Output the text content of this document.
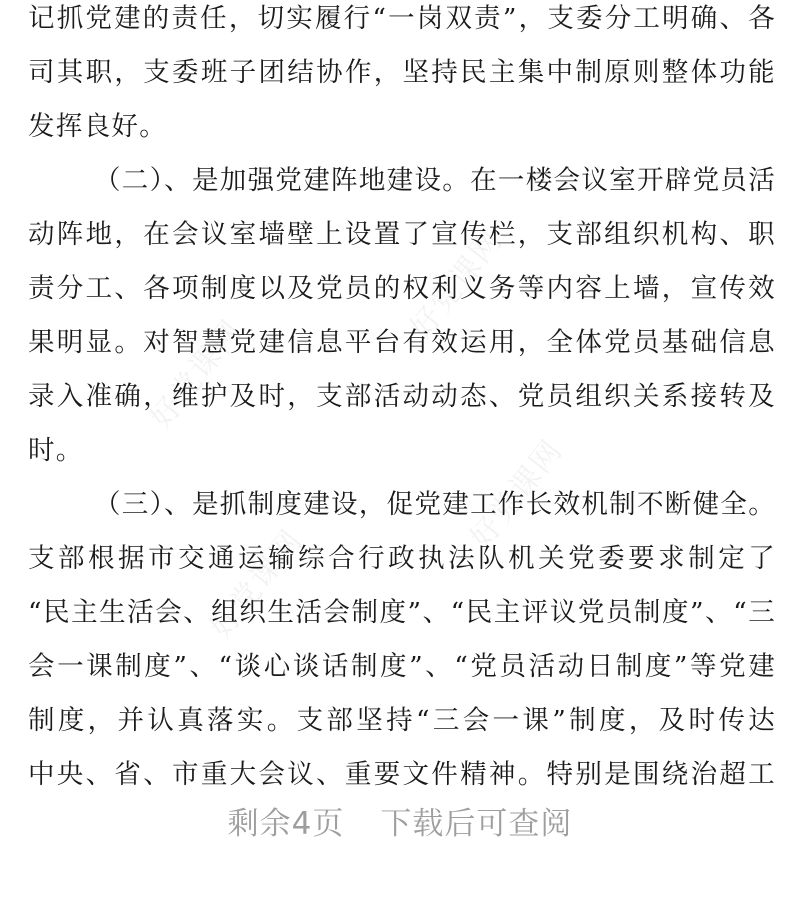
好党课网
好党课网
好党课网
好党课网
记抓党建的责任，切实履行“一岗双责”，支委分工明确、各
司其职，支委班子团结协作，坚持民主集中制原则整体功能
发挥良好。
（二）、是加强党建阵地建设。在一楼会议室开辟党员活
动阵地，在会议室墙壁上设置了宣传栏，支部组织机构、职
责分工、各项制度以及党员的权利义务等内容上墙，宣传效
果明显。对智慧党建信息平台有效运用，全体党员基础信息
录入准确，维护及时，支部活动动态、党员组织关系接转及
时。
（三）、是抓制度建设，促党建工作长效机制不断健全。
支部根据市交通运输综合行政执法队机关党委要求制定了
“民主生活会、组织生活会制度”、“民主评议党员制度”、“三
会一课制度”、“谈心谈话制度”、“党员活动日制度”等党建
制度，并认真落实。支部坚持“三会一课”制度，及时传达
中央、省、市重大会议、重要文件精神。特别是围绕治超工
剩余4页 下载后可查阅
